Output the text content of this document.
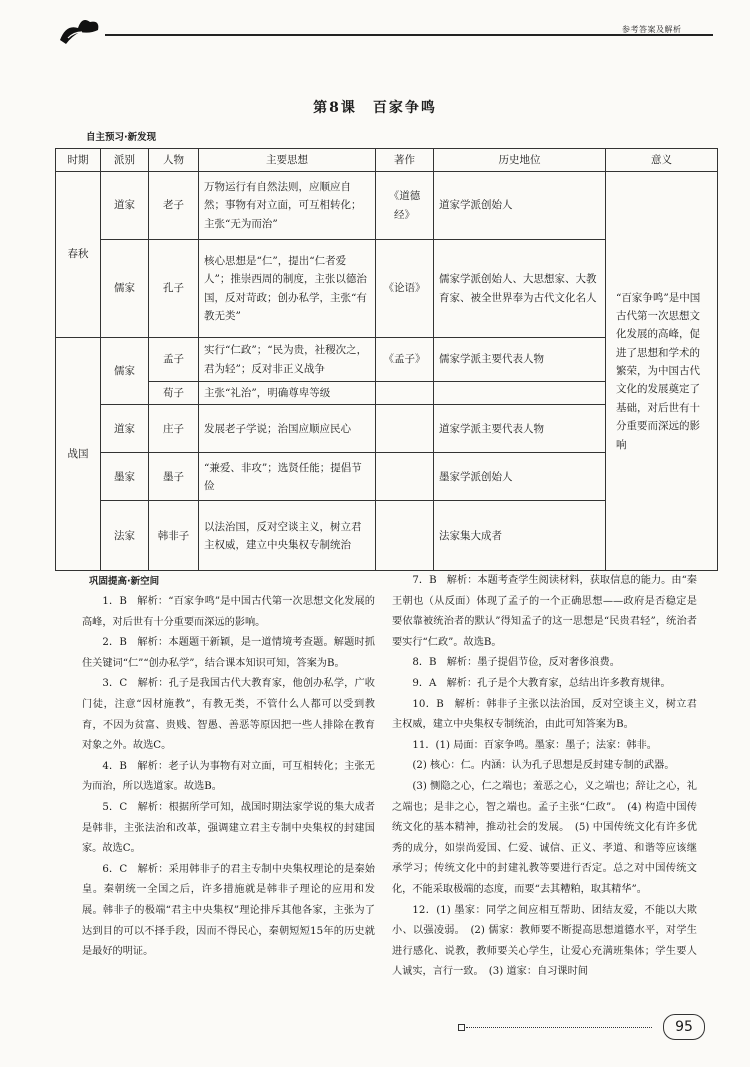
参考答案及解析
第8课　百家争鸣
自主预习·新发现
时期	派别	人物	主要思想	著作	历史地位	意义
春秋	道家	老子	万物运行有自然法则，应顺应自然；事物有对立面，可互相转化；主张“无为而治”	《道德经》	道家学派创始人	“百家争鸣”是中国古代第一次思想文化发展的高峰，促进了思想和学术的繁荣，为中国古代文化的发展奠定了基础，对后世有十分重要而深远的影响
	儒家	孔子	核心思想是“仁”，提出“仁者爱人”；推崇西周的制度，主张以德治国，反对苛政；创办私学，主张“有教无类”	《论语》	儒家学派创始人、大思想家、大教育家、被全世界奉为古代文化名人	
战国	儒家	孟子	实行“仁政”；“民为贵，社稷次之，君为轻”；反对非正义战争	《孟子》	儒家学派主要代表人物	
		荀子	主张“礼治”，明确尊卑等级			
	道家	庄子	发展老子学说；治国应顺应民心		道家学派主要代表人物	
	墨家	墨子	“兼爱、非攻”；选贤任能；提倡节俭		墨家学派创始人	
	法家	韩非子	以法治国，反对空谈主义，树立君主权威，建立中央集权专制统治		法家集大成者	
巩固提高·新空间

1．B　解析：“百家争鸣”是中国古代第一次思想文化发展的高峰，对后世有十分重要而深远的影响。

2．B　解析：本题题干新颖，是一道情境考查题。解题时抓住关键词“仁”“创办私学”，结合课本知识可知，答案为B。

3．C　解析：孔子是我国古代大教育家，他创办私学，广收门徒，注意“因材施教”，有教无类，不管什么人都可以受到教育，不因为贫富、贵贱、智愚、善恶等原因把一些人排除在教育对象之外。故选C。

4．B　解析：老子认为事物有对立面，可互相转化；主张无为而治，所以选道家。故选B。

5．C　解析：根据所学可知，战国时期法家学说的集大成者是韩非，主张法治和改革，强调建立君主专制中央集权的封建国家。故选C。

6．C　解析：采用韩非子的君主专制中央集权理论的是秦始皇。秦朝统一全国之后，许多措施就是韩非子理论的应用和发展。韩非子的极端“君主中央集权”理论排斥其他各家，主张为了达到目的可以不择手段，因而不得民心，秦朝短短15年的历史就是最好的明证。

7．B　解析：本题考查学生阅读材料，获取信息的能力。由“秦王朝也（从反面）体现了孟子的一个正确思想——政府是否稳定是要依靠被统治者的默认”得知孟子的这一思想是“民贵君轻”，统治者要实行“仁政”。故选B。

8．B　解析：墨子提倡节俭，反对奢侈浪费。

9．A　解析：孔子是个大教育家，总结出许多教育规律。

10．B　解析：韩非子主张以法治国，反对空谈主义，树立君主权威，建立中央集权专制统治，由此可知答案为B。

11．(1) 局面：百家争鸣。墨家：墨子；法家：韩非。

(2) 核心：仁。内涵：认为孔子思想是反封建专制的武器。

(3) 恻隐之心，仁之端也；羞恶之心，义之端也；辞让之心，礼之端也；是非之心，智之端也。孟子主张“仁政”。　(4) 构造中国传统文化的基本精神，推动社会的发展。　(5) 中国传统文化有许多优秀的成分，如崇尚爱国、仁爱、诚信、正义、孝道、和谐等应该继承学习；传统文化中的封建礼教等要进行否定。总之对中国传统文化，不能采取极端的态度，而要“去其糟粕，取其精华”。

12．(1) 墨家：同学之间应相互帮助、团结友爱，不能以大欺小、以强凌弱。　(2) 儒家：教师要不断提高思想道德水平，对学生进行感化、说教，教师要关心学生，让爱心充满班集体；学生要人人诚实，言行一致。　(3) 道家：自习课时间

95
